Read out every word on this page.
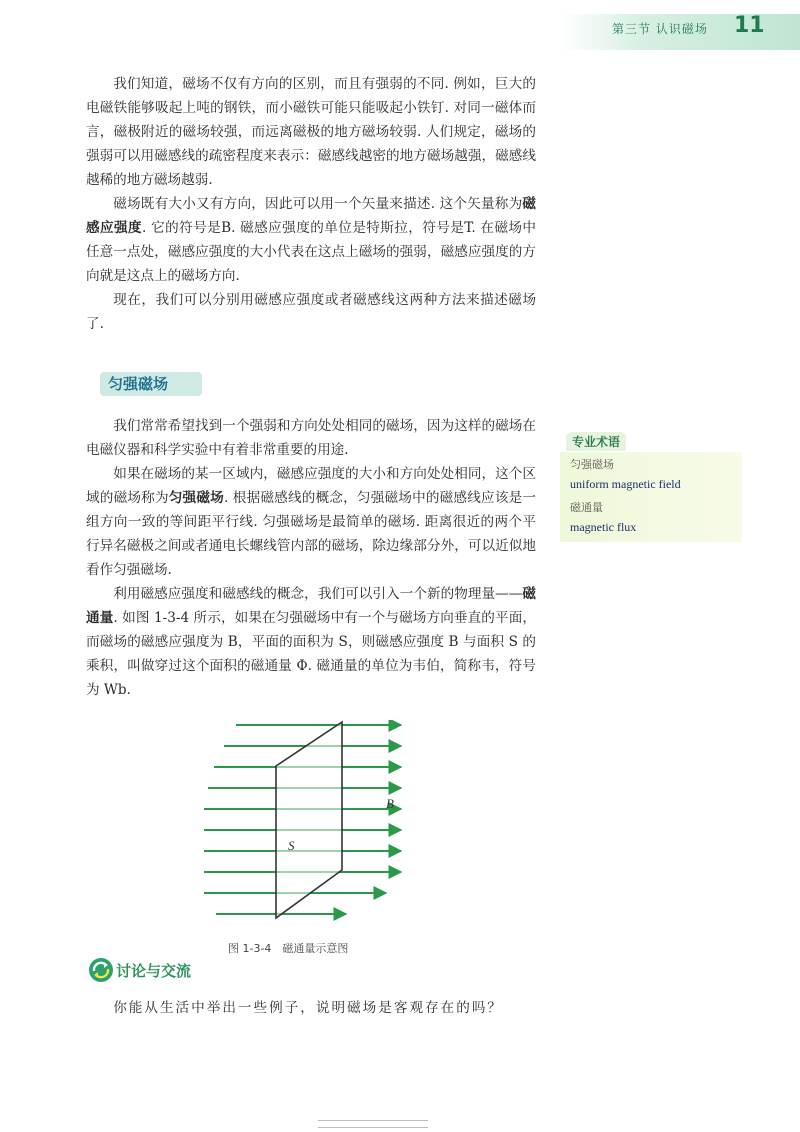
第三节 认识磁场 11

我们知道，磁场不仅有方向的区别，而且有强弱的不同. 例如，巨大的电磁铁能够吸起上吨的钢铁，而小磁铁可能只能吸起小铁钉. 对同一磁体而言，磁极附近的磁场较强，而远离磁极的地方磁场较弱. 人们规定，磁场的强弱可以用磁感线的疏密程度来表示：磁感线越密的地方磁场越强，磁感线越稀的地方磁场越弱.

磁场既有大小又有方向，因此可以用一个矢量来描述. 这个矢量称为磁感应强度. 它的符号是B. 磁感应强度的单位是特斯拉，符号是T. 在磁场中任意一点处，磁感应强度的大小代表在这点上磁场的强弱，磁感应强度的方向就是这点上的磁场方向.

现在，我们可以分别用磁感应强度或者磁感线这两种方法来描述磁场了.

匀强磁场

我们常常希望找到一个强弱和方向处处相同的磁场，因为这样的磁场在电磁仪器和科学实验中有着非常重要的用途.

如果在磁场的某一区域内，磁感应强度的大小和方向处处相同，这个区域的磁场称为匀强磁场. 根据磁感线的概念，匀强磁场中的磁感线应该是一组方向一致的等间距平行线. 匀强磁场是最简单的磁场. 距离很近的两个平行异名磁极之间或者通电长螺线管内部的磁场，除边缘部分外，可以近似地看作匀强磁场.

利用磁感应强度和磁感线的概念，我们可以引入一个新的物理量——磁通量. 如图 1-3-4 所示，如果在匀强磁场中有一个与磁场方向垂直的平面，而磁场的磁感应强度为 B，平面的面积为 S，则磁感应强度 B 与面积 S 的乘积，叫做穿过这个面积的磁通量 Φ. 磁通量的单位为韦伯，简称韦，符号为 Wb.

专业术语
匀强磁场
uniform magnetic field
磁通量
magnetic flux
B
S
图 1-3-4　磁通量示意图
讨论与交流

你能从生活中举出一些例子，说明磁场是客观存在的吗？
